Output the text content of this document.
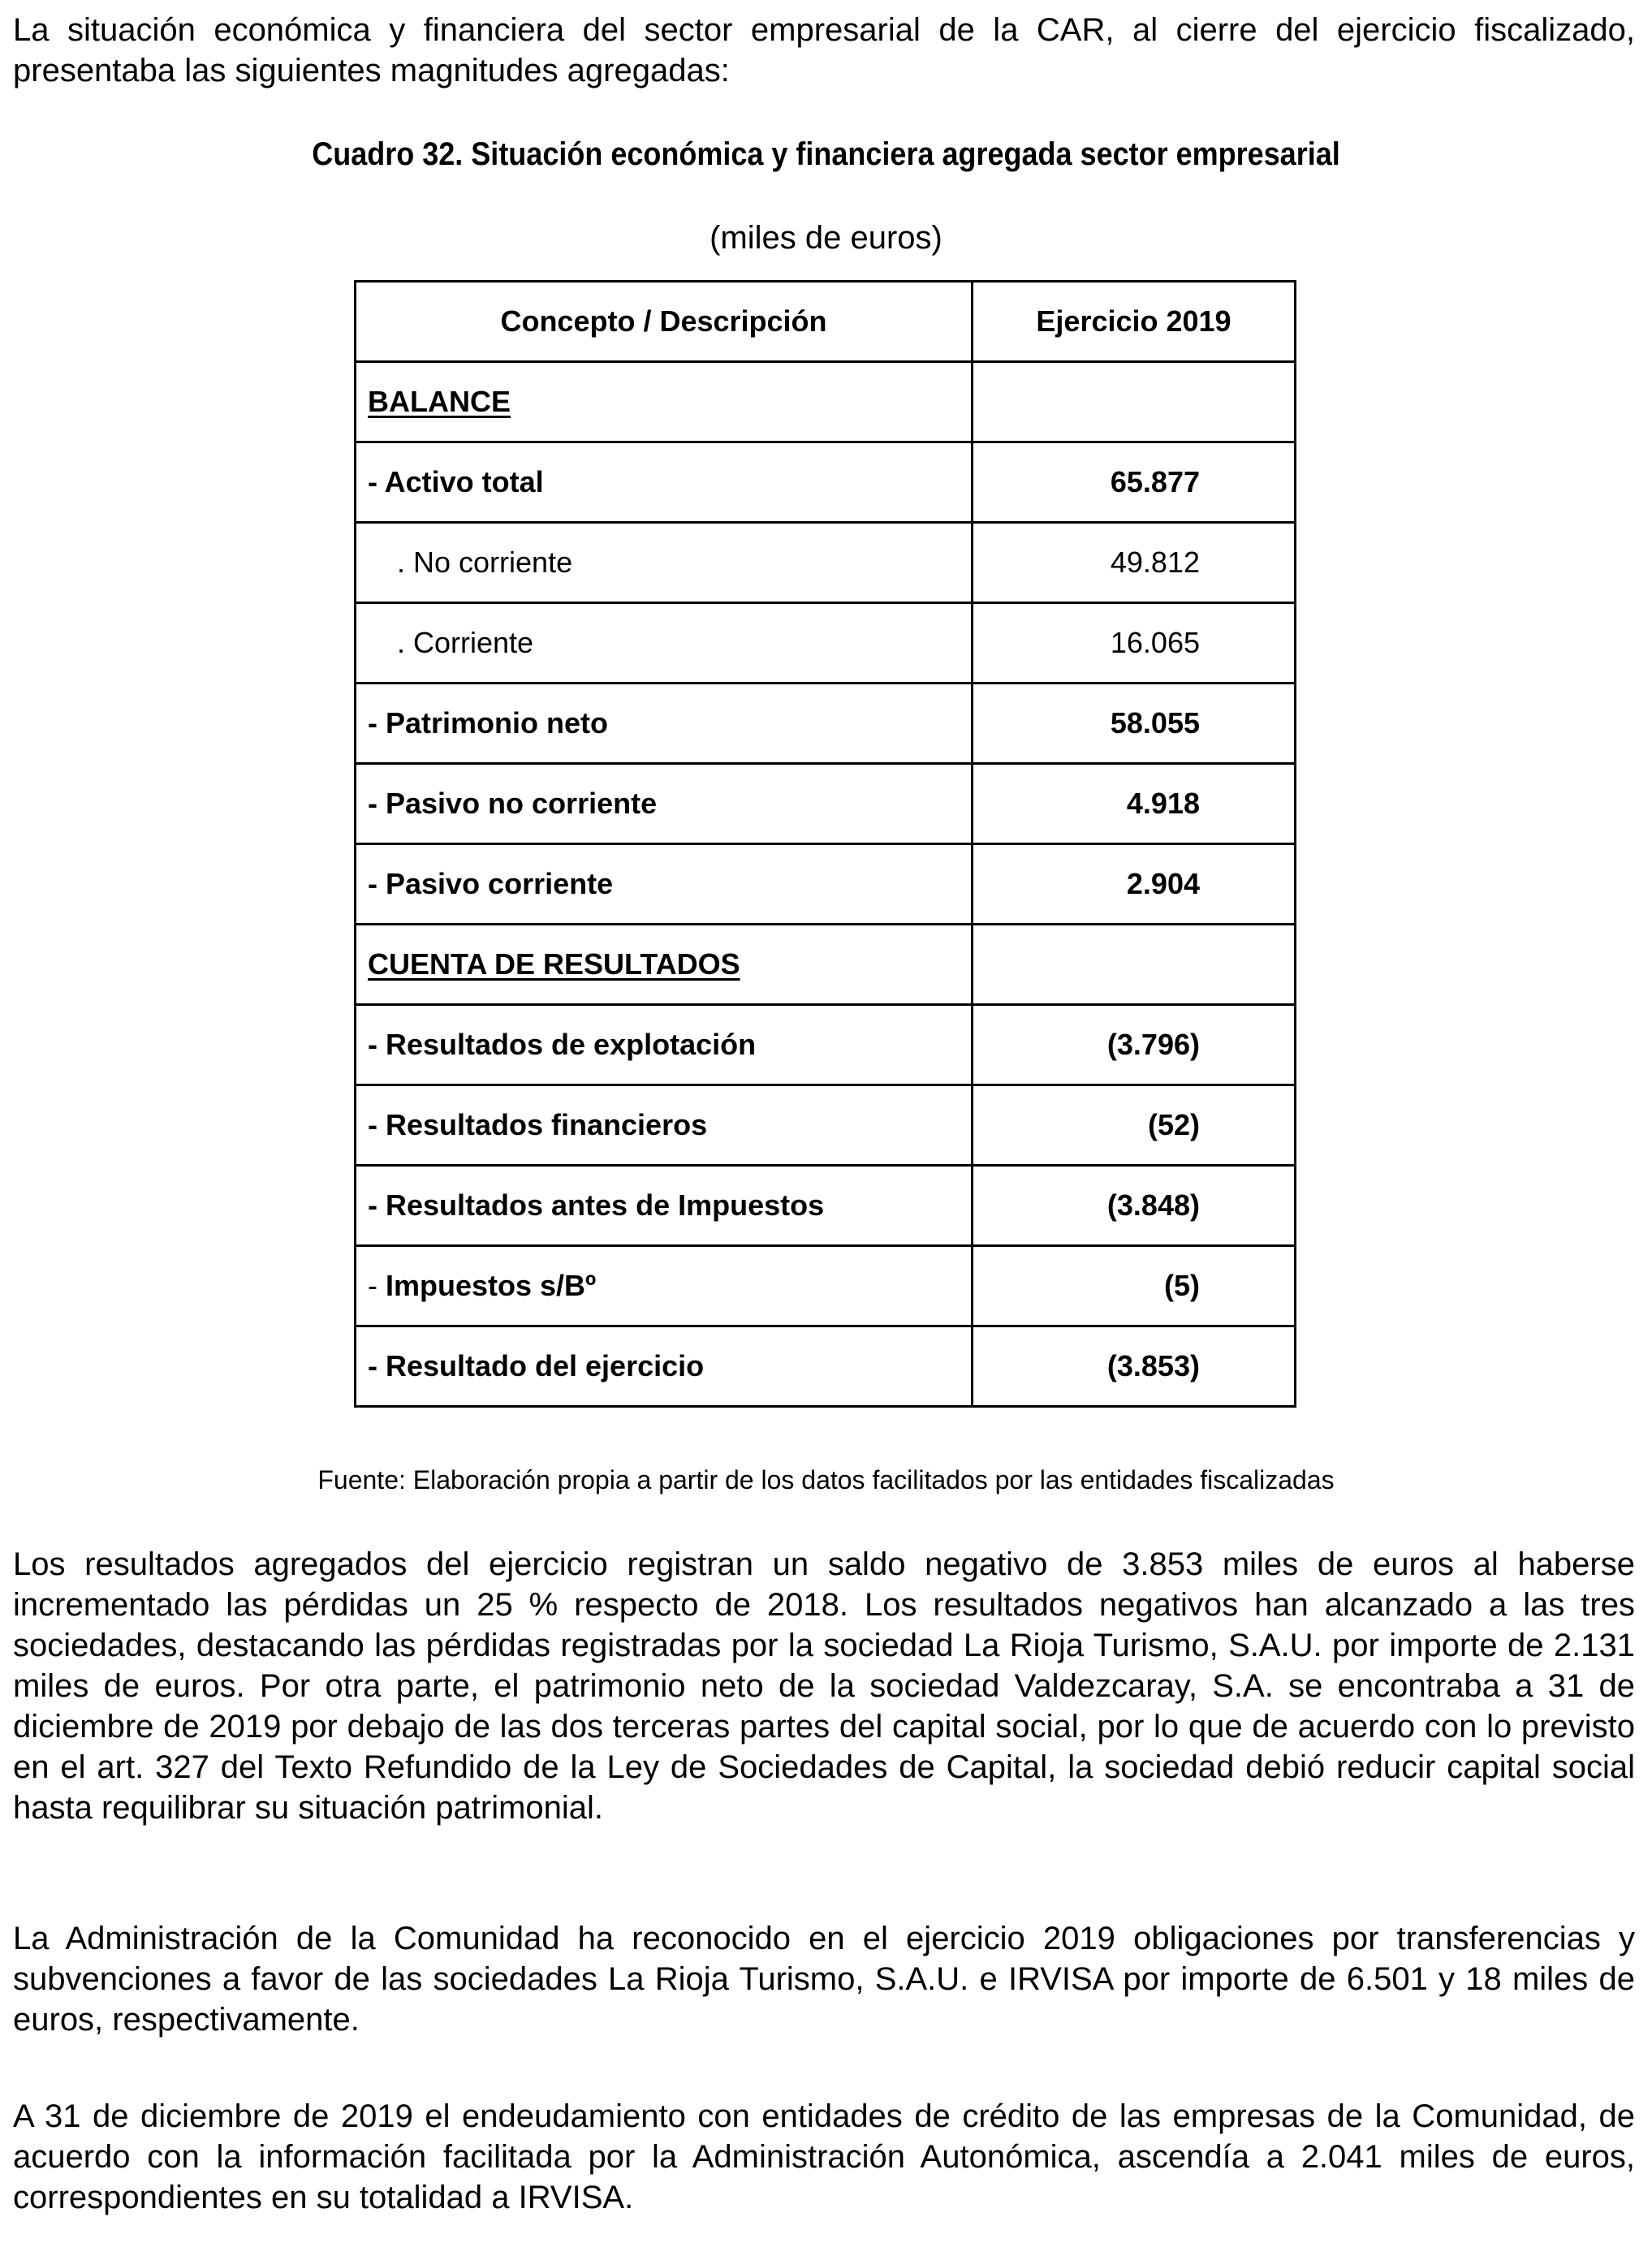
La situación económica y financiera del sector empresarial de la CAR, al cierre del ejercicio fiscalizado, presentaba las siguientes magnitudes agregadas:

Cuadro 32. Situación económica y financiera agregada sector empresarial

(miles de euros)

Concepto / Descripción	Ejercicio 2019
BALANCE	
- Activo total	65.877
. No corriente	49.812
. Corriente	16.065
- Patrimonio neto	58.055
- Pasivo no corriente	4.918
- Pasivo corriente	2.904
CUENTA DE RESULTADOS	
- Resultados de explotación	(3.796)
- Resultados financieros	(52)
- Resultados antes de Impuestos	(3.848)
- Impuestos s/Bº	(5)
- Resultado del ejercicio	(3.853)

Fuente: Elaboración propia a partir de los datos facilitados por las entidades fiscalizadas

Los resultados agregados del ejercicio registran un saldo negativo de 3.853 miles de euros al haberse incrementado las pérdidas un 25 % respecto de 2018. Los resultados negativos han alcanzado a las tres sociedades, destacando las pérdidas registradas por la sociedad La Rioja Turismo, S.A.U. por importe de 2.131 miles de euros. Por otra parte, el patrimonio neto de la sociedad Valdezcaray, S.A. se encontraba a 31 de diciembre de 2019 por debajo de las dos terceras partes del capital social, por lo que de acuerdo con lo previsto en el art. 327 del Texto Refundido de la Ley de Sociedades de Capital, la sociedad debió reducir capital social hasta requilibrar su situación patrimonial.

La Administración de la Comunidad ha reconocido en el ejercicio 2019 obligaciones por transferencias y subvenciones a favor de las sociedades La Rioja Turismo, S.A.U. e IRVISA por importe de 6.501 y 18 miles de euros, respectivamente.

A 31 de diciembre de 2019 el endeudamiento con entidades de crédito de las empresas de la Comunidad, de acuerdo con la información facilitada por la Administración Autonómica, ascendía a 2.041 miles de euros, correspondientes en su totalidad a IRVISA.
